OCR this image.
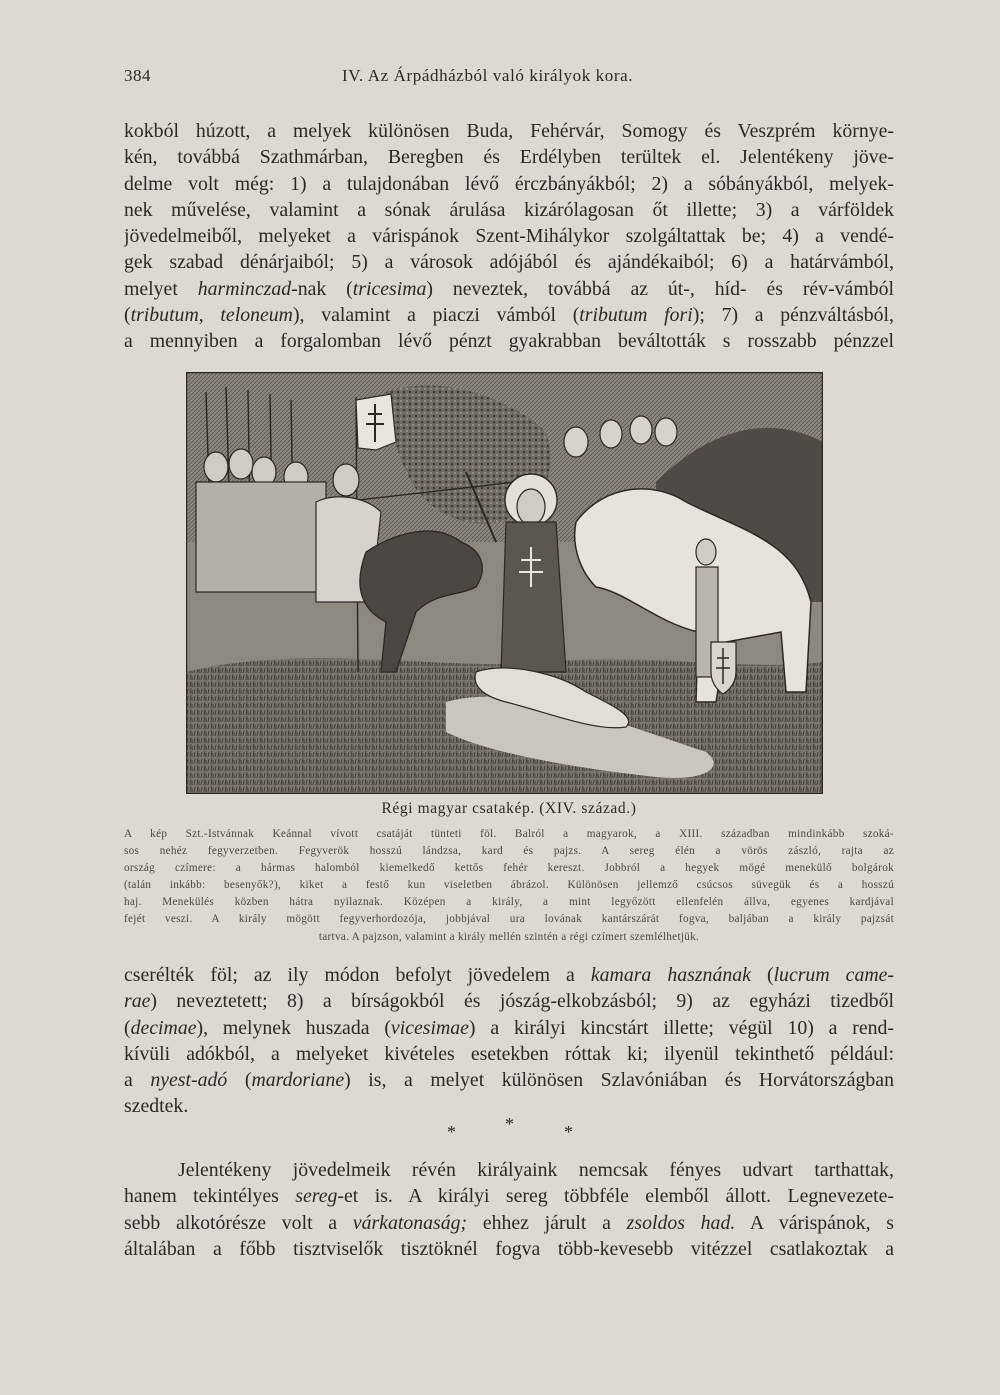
384	IV. Az Árpádházból való királyok kora.
kokból húzott, a melyek különösen Buda, Fehérvár, Somogy és Veszprém környe-
kén, továbbá Szathmárban, Beregben és Erdélyben terültek el. Jelentékeny jöve-
delme volt még: 1) a tulajdonában lévő érczbányákból; 2) a sóbányákból, melyek-
nek művelése, valamint a sónak árulása kizárólagosan őt illette; 3) a várföldek
jövedelmeiből, melyeket a várispánok Szent-Mihálykor szolgáltattak be; 4) a vendé-
gek szabad dénárjaiból; 5) a városok adójából és ajándékaiból; 6) a határvámból,
melyet harminczad-nak (tricesima) neveztek, továbbá az út-, híd- és rév-vámból
(tributum, teloneum), valamint a piaczi vámból (tributum fori); 7) a pénzváltásból,
a mennyiben a forgalomban lévő pénzt gyakrabban beváltották s rosszabb pénzzel
Régi magyar csatakép. (XIV. század.)
A kép Szt.-Istvánnak Keánnal vívott csatáját tünteti föl. Balról a magyarok, a XIII. században mindinkább szoká-
sos nehéz fegyverzetben. Fegyverök hosszú lándzsa, kard és pajzs. A sereg élén a vörös zászló, rajta az
ország czímere: a hármas halomból kiemelkedő kettős fehér kereszt. Jobbról a hegyek mögé menekülő bolgárok
(talán inkább: besenyők?), kiket a festő kun viseletben ábrázol. Különösen jellemző csúcsos süvegük és a hosszú
haj. Menekülés közben hátra nyilaznak. Középen a király, a mint legyőzött ellenfelén állva, egyenes kardjával
fejét veszi. A király mögött fegyverhordozója, jobbjával ura lovának kantárszárát fogva, baljában a király pajzsát
tartva. A pajzson, valamint a király mellén szintén a régi czímert szemlélhetjük.
cserélték föl; az ily módon befolyt jövedelem a kamara hasznának (lucrum came-
rae) neveztetett; 8) a bírságokból és jószág-elkobzásból; 9) az egyházi tizedből
(decimae), melynek huszada (vicesimae) a királyi kincstárt illette; végül 10) a rend-
kívüli adókból, a melyeket kivételes esetekben róttak ki; ilyenül tekinthető például:
a nyest-adó (mardoriane) is, a melyet különösen Szlavóniában és Horvátországban
szedtek.
*	*	*
Jelentékeny jövedelmeik révén királyaink nemcsak fényes udvart tarthattak,
hanem tekintélyes sereg-et is. A királyi sereg többféle elemből állott. Legnevezete-
sebb alkotórésze volt a várkatonaság; ehhez járult a zsoldos had. A várispánok, s
általában a főbb tisztviselők tisztöknél fogva több-kevesebb vitézzel csatlakoztak a
